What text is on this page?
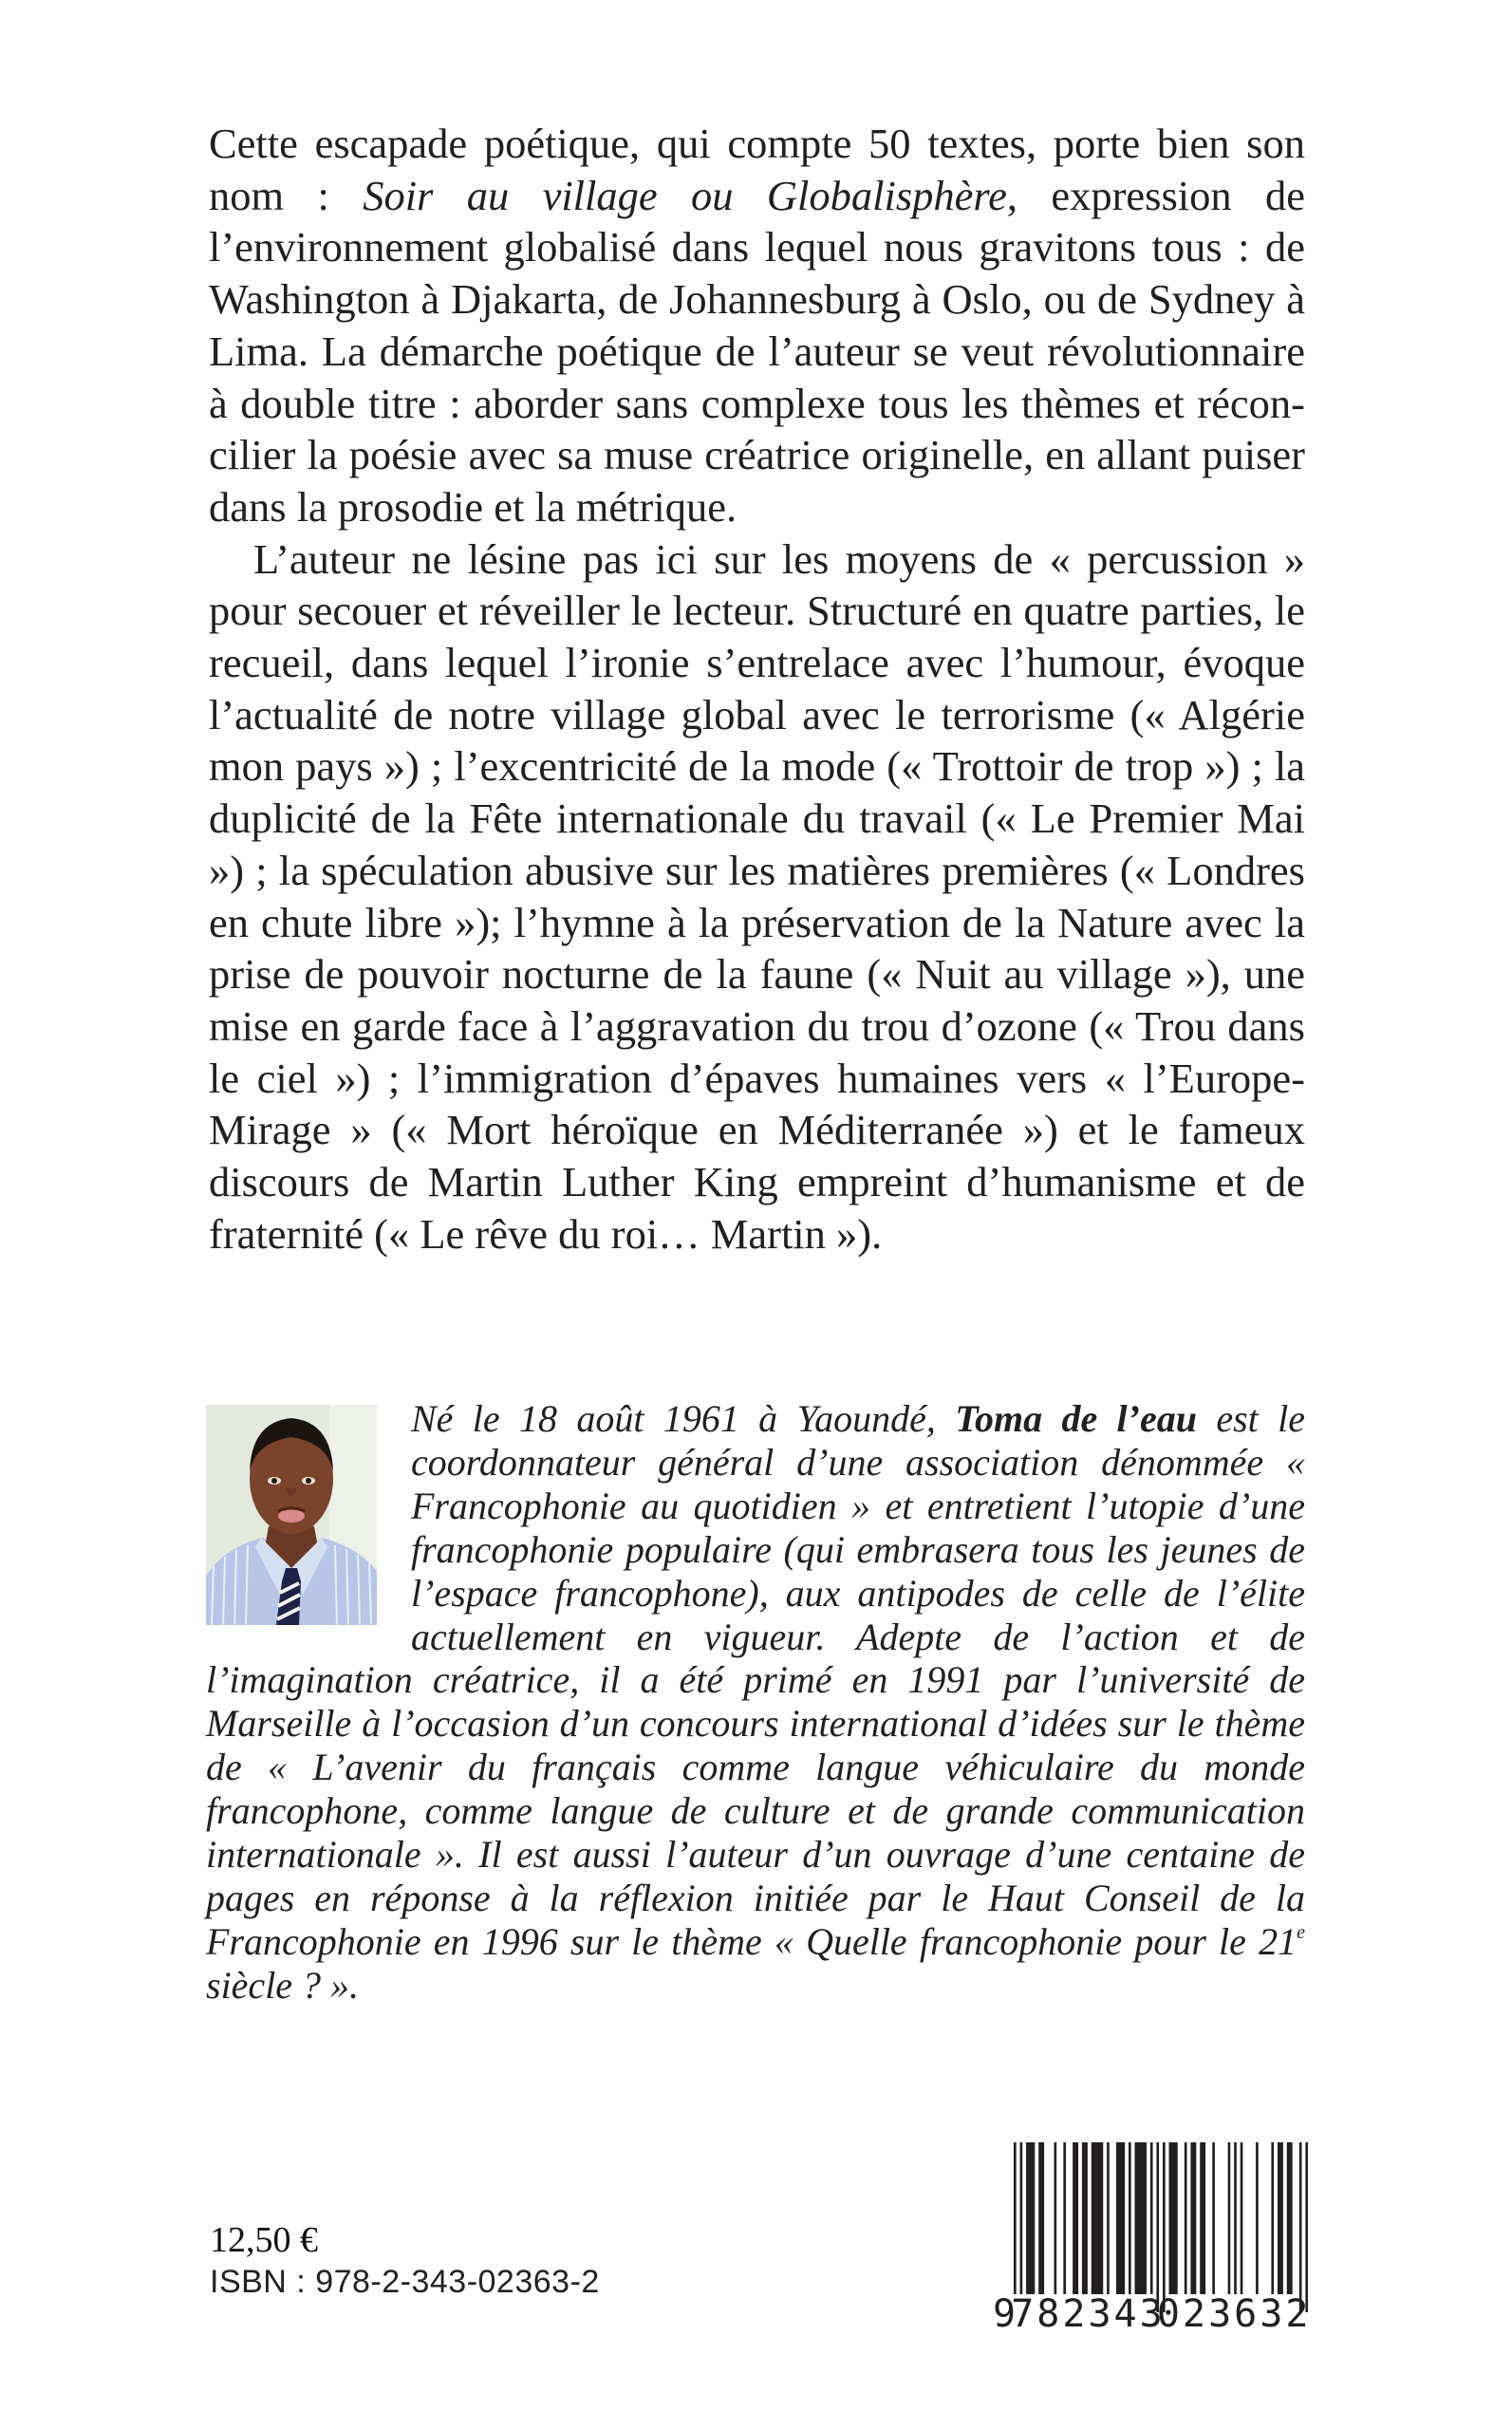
Cette escapade poétique, qui compte 50 textes, porte bien son nom : Soir au village ou Globalisphère, expression de l’environnement globalisé dans lequel nous gravitons tous : de Washington à Djakarta, de Johannesburg à Oslo, ou de Sydney à Lima. La démarche poétique de l’auteur se veut révolutionnaire à double titre : aborder sans complexe tous les thèmes et réconcilier la poésie avec sa muse créatrice originelle, en allant puiser dans la prosodie et la métrique.

L’auteur ne lésine pas ici sur les moyens de « percussion » pour secouer et réveiller le lecteur. Structuré en quatre parties, le recueil, dans lequel l’ironie s’entrelace avec l’humour, évoque l’actualité de notre village global avec le terrorisme (« Algérie mon pays ») ; l’excentricité de la mode (« Trottoir de trop ») ; la duplicité de la Fête internationale du travail (« Le Premier Mai ») ; la spéculation abusive sur les matières premières (« Londres en chute libre »); l’hymne à la préservation de la Nature avec la prise de pouvoir nocturne de la faune (« Nuit au village »), une mise en garde face à l’aggravation du trou d’ozone (« Trou dans le ciel ») ; l’immigration d’épaves humaines vers « l’Europe-Mirage » (« Mort héroïque en Méditerranée ») et le fameux discours de Martin Luther King empreint d’humanisme et de fraternité (« Le rêve du roi… Martin »).

Né le 18 août 1961 à Yaoundé, Toma de l’eau est le coordonnateur général d’une association dénommée « Francophonie au quotidien » et entretient l’utopie d’une francophonie populaire (qui embrasera tous les jeunes de l’espace francophone), aux antipodes de celle de l’élite actuellement en vigueur. Adepte de l’action et de l’imagination créatrice, il a été primé en 1991 par l’université de Marseille à l’occasion d’un concours international d’idées sur le thème de « L’avenir du français comme langue véhiculaire du monde francophone, comme langue de culture et de grande communication internationale ». Il est aussi l’auteur d’un ouvrage d’une centaine de pages en réponse à la réflexion initiée par le Haut Conseil de la Francophonie en 1996 sur le thème « Quelle francophonie pour le 21e siècle ? ».
12,50 €
ISBN : 978-2-343-02363-2
9
782343
023632
